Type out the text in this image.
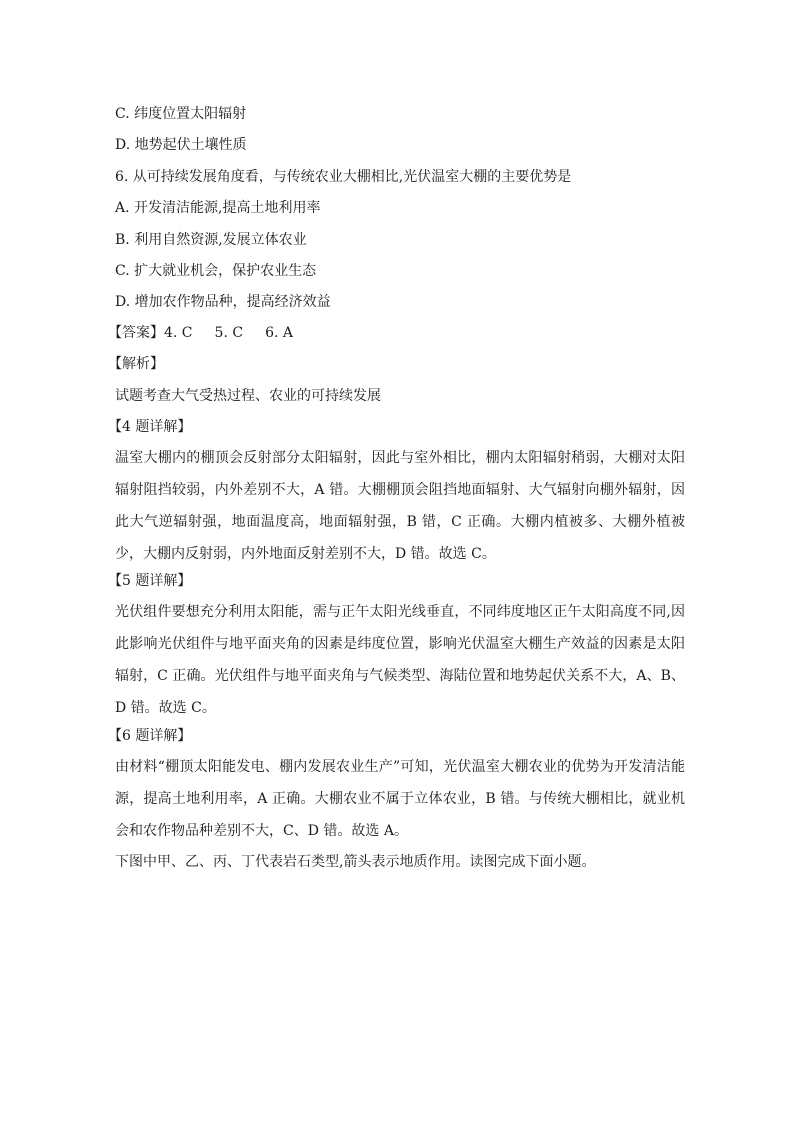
C. 纬度位置太阳辐射
D. 地势起伏土壤性质
6. 从可持续发展角度看，与传统农业大棚相比,光伏温室大棚的主要优势是
A. 开发清洁能源,提高土地利用率
B. 利用自然资源,发展立体农业
C. 扩大就业机会，保护农业生态
D. 增加农作物品种，提高经济效益
【答案】4. C 5. C 6. A
【解析】
试题考查大气受热过程、农业的可持续发展
【4 题详解】
温室大棚内的棚顶会反射部分太阳辐射，因此与室外相比，棚内太阳辐射稍弱，大棚对太阳辐射阻挡较弱，内外差别不大，A 错。大棚棚顶会阻挡地面辐射、大气辐射向棚外辐射，因此大气逆辐射强，地面温度高，地面辐射强，B 错，C 正确。大棚内植被多、大棚外植被少，大棚内反射弱，内外地面反射差别不大，D 错。故选 C。
【5 题详解】
光伏组件要想充分利用太阳能，需与正午太阳光线垂直，不同纬度地区正午太阳高度不同,因此影响光伏组件与地平面夹角的因素是纬度位置，影响光伏温室大棚生产效益的因素是太阳辐射，C 正确。光伏组件与地平面夹角与气候类型、海陆位置和地势起伏关系不大，A、B、D 错。故选 C。
【6 题详解】
由材料“棚顶太阳能发电、棚内发展农业生产”可知，光伏温室大棚农业的优势为开发清洁能源，提高土地利用率，A 正确。大棚农业不属于立体农业，B 错。与传统大棚相比，就业机会和农作物品种差别不大，C、D 错。故选 A。
下图中甲、乙、丙、丁代表岩石类型,箭头表示地质作用。读图完成下面小题。
